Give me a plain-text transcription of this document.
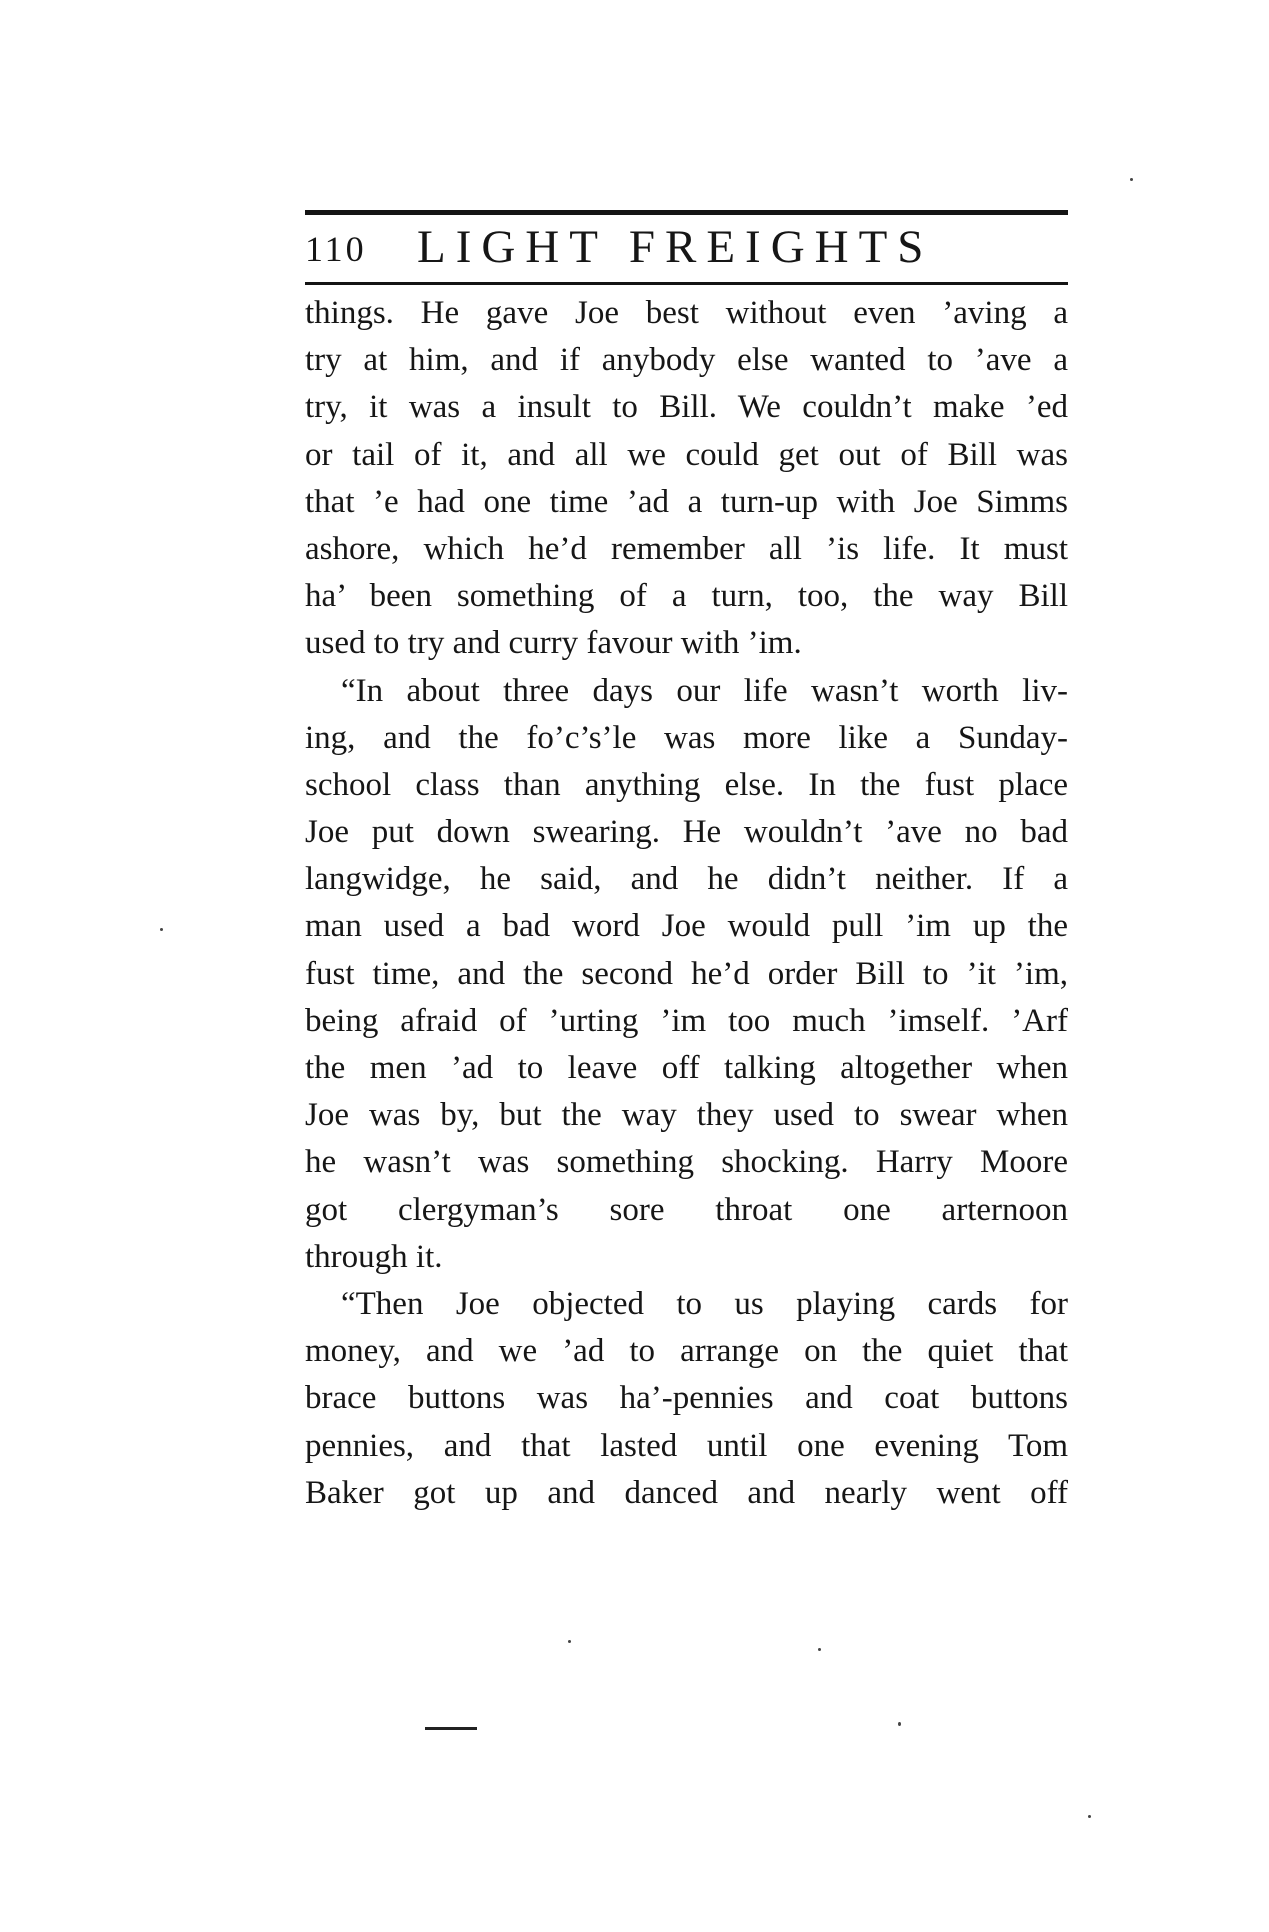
110 LIGHT FREIGHTS
things. He gave Joe best without even ’aving a
try at him, and if anybody else wanted to ’ave a
try, it was a insult to Bill. We couldn’t make ’ed
or tail of it, and all we could get out of Bill was
that ’e had one time ’ad a turn-up with Joe Simms
ashore, which he’d remember all ’is life. It must
ha’ been something of a turn, too, the way Bill
used to try and curry favour with ’im.
“In about three days our life wasn’t worth liv-
ing, and the fo’c’s’le was more like a Sunday-
school class than anything else. In the fust place
Joe put down swearing. He wouldn’t ’ave no bad
langwidge, he said, and he didn’t neither. If a
man used a bad word Joe would pull ’im up the
fust time, and the second he’d order Bill to ’it ’im,
being afraid of ’urting ’im too much ’imself. ’Arf
the men ’ad to leave off talking altogether when
Joe was by, but the way they used to swear when
he wasn’t was something shocking. Harry Moore
got clergyman’s sore throat one arternoon
through it.
“Then Joe objected to us playing cards for
money, and we ’ad to arrange on the quiet that
brace buttons was ha’-pennies and coat buttons
pennies, and that lasted until one evening Tom
Baker got up and danced and nearly went off
